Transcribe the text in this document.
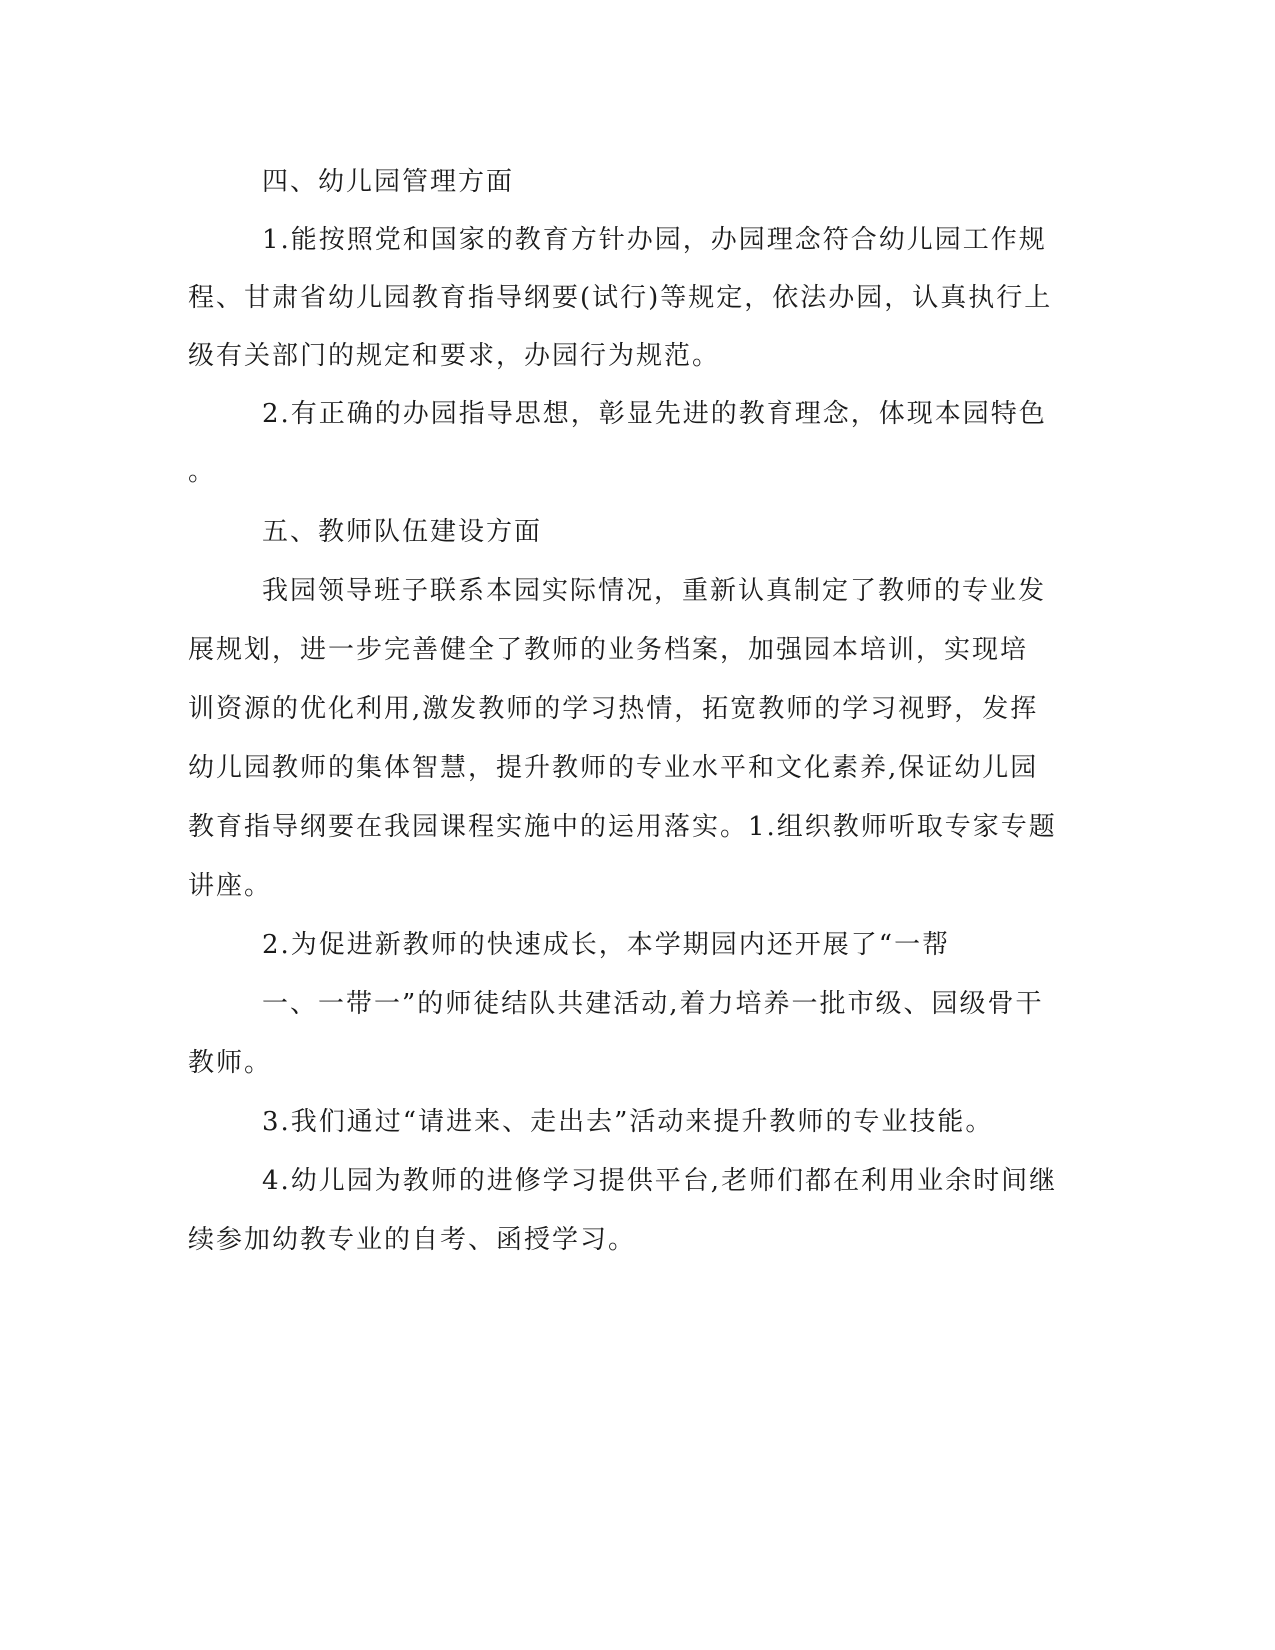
四、幼儿园管理方面
1.能按照党和国家的教育方针办园，办园理念符合幼儿园工作规
程、甘肃省幼儿园教育指导纲要(试行)等规定，依法办园，认真执行上
级有关部门的规定和要求，办园行为规范。
2.有正确的办园指导思想，彰显先进的教育理念，体现本园特色
。
五、教师队伍建设方面
我园领导班子联系本园实际情况，重新认真制定了教师的专业发
展规划，进一步完善健全了教师的业务档案，加强园本培训，实现培
训资源的优化利用,激发教师的学习热情，拓宽教师的学习视野，发挥
幼儿园教师的集体智慧，提升教师的专业水平和文化素养,保证幼儿园
教育指导纲要在我园课程实施中的运用落实。1.组织教师听取专家专题
讲座。
2.为促进新教师的快速成长，本学期园内还开展了“一帮
一、一带一”的师徒结队共建活动,着力培养一批市级、园级骨干
教师。
3.我们通过“请进来、走出去”活动来提升教师的专业技能。
4.幼儿园为教师的进修学习提供平台,老师们都在利用业余时间继
续参加幼教专业的自考、函授学习。
